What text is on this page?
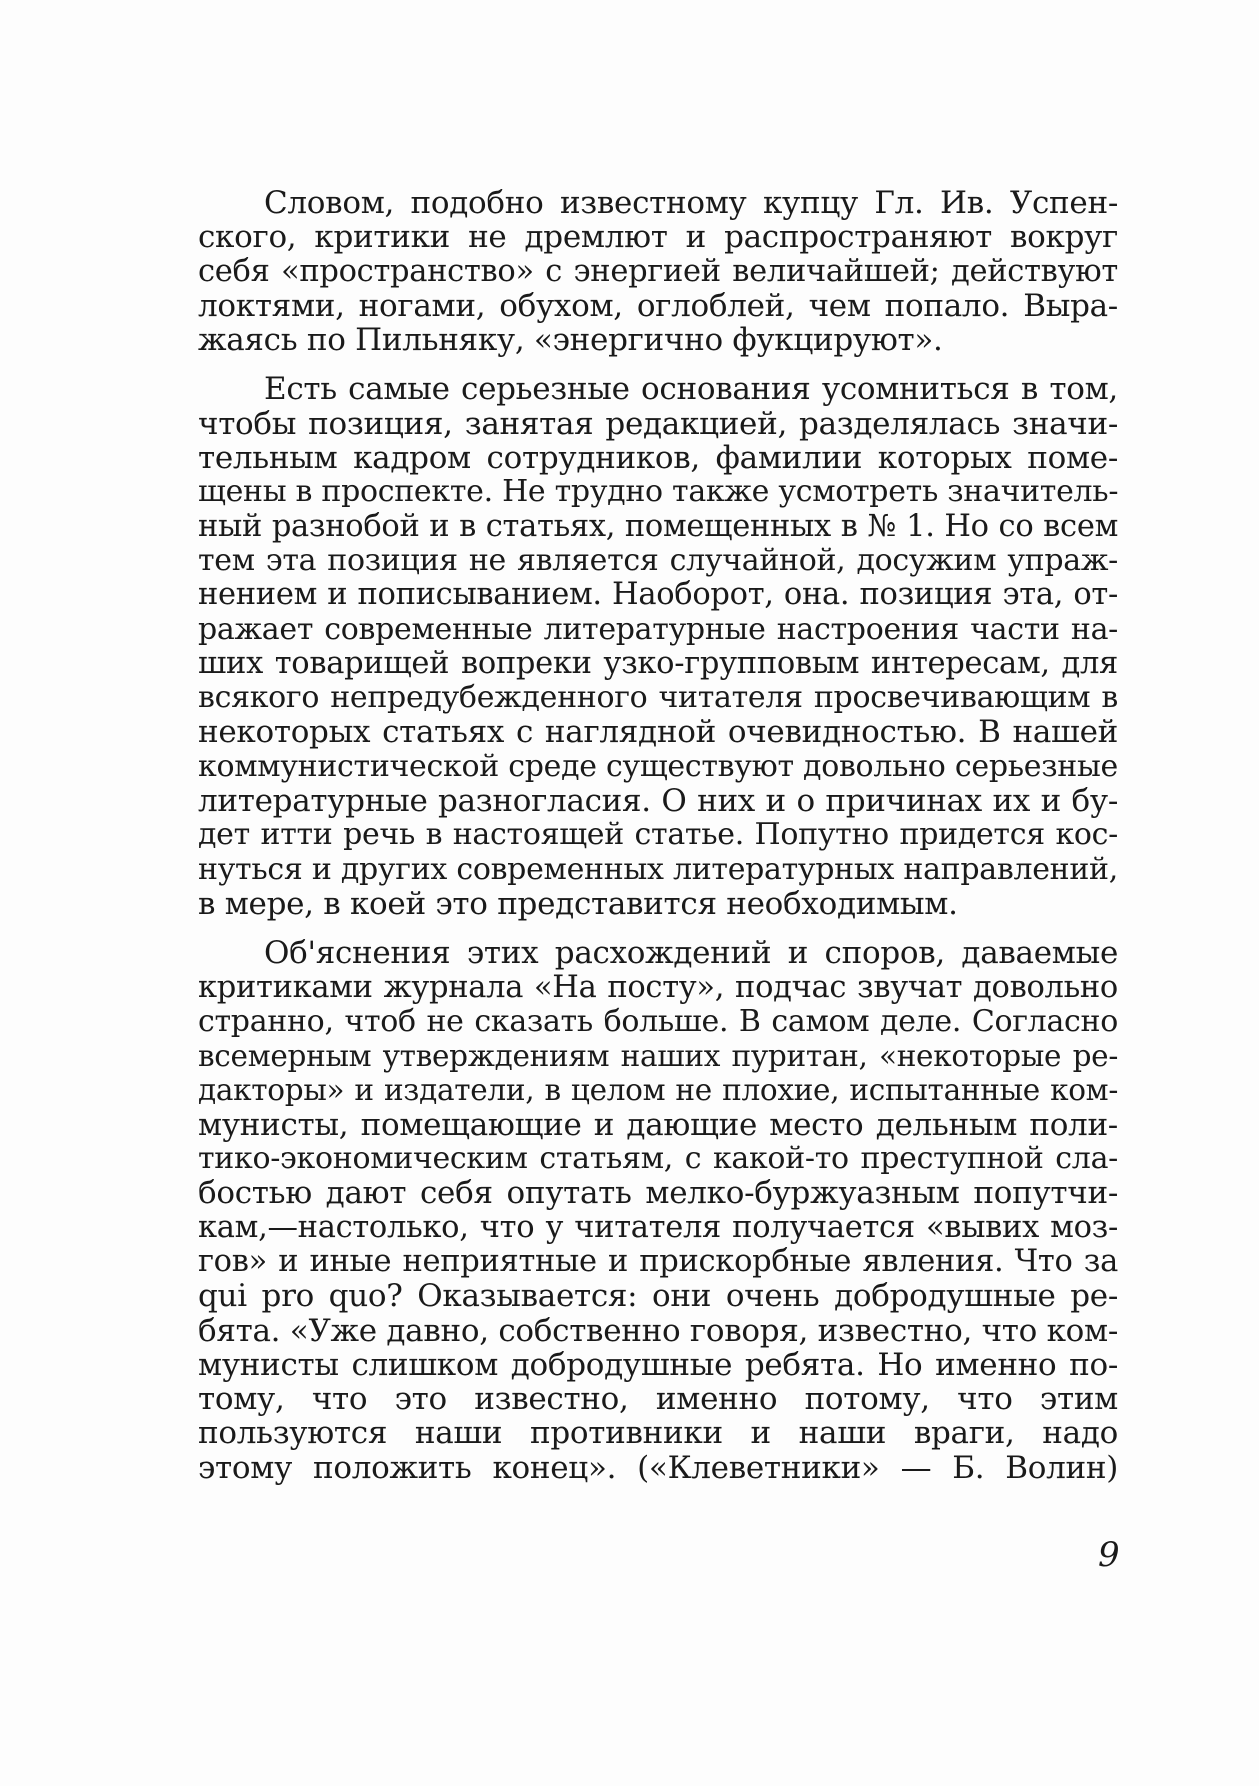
Словом, подобно известному купцу Гл. Ив. Успен-
ского, критики не дремлют и распространяют вокруг
себя «пространство» с энергией величайшей; действуют
локтями, ногами, обухом, оглоблей, чем попало. Выра-
жаясь по Пильняку, «энергично фукцируют».
Есть самые серьезные основания усомниться в том,
чтобы позиция, занятая редакцией, разделялась значи-
тельным кадром сотрудников, фамилии которых поме-
щены в проспекте. Не трудно также усмотреть значитель-
ный разнобой и в статьях, помещенных в № 1. Но со всем
тем эта позиция не является случайной, досужим упраж-
нением и пописыванием. Наоборот, она. позиция эта, от-
ражает современные литературные настроения части на-
ших товарищей вопреки узко-групповым интересам, для
всякого непредубежденного читателя просвечивающим в
некоторых статьях с наглядной очевидностью. В нашей
коммунистической среде существуют довольно серьезные
литературные разногласия. О них и о причинах их и бу-
дет итти речь в настоящей статье. Попутно придется кос-
нуться и других современных литературных направлений,
в мере, в коей это представится необходимым.
Об'яснения этих расхождений и споров, даваемые
критиками журнала «На посту», подчас звучат довольно
странно, чтоб не сказать больше. В самом деле. Согласно
всемерным утверждениям наших пуритан, «некоторые ре-
дакторы» и издатели, в целом не плохие, испытанные ком-
мунисты, помещающие и дающие место дельным поли-
тико-экономическим статьям, с какой-то преступной сла-
бостью дают себя опутать мелко-буржуазным попутчи-
кам,—настолько, что у читателя получается «вывих моз-
гов» и иные неприятные и прискорбные явления. Что за
qui pro quo? Оказывается: они очень добродушные ре-
бята. «Уже давно, собственно говоря, известно, что ком-
мунисты слишком добродушные ребята. Но именно по-
тому, что это известно, именно потому, что этим
пользуются наши противники и наши враги, надо
этому положить конец». («Клеветники» — Б. Волин)
9
